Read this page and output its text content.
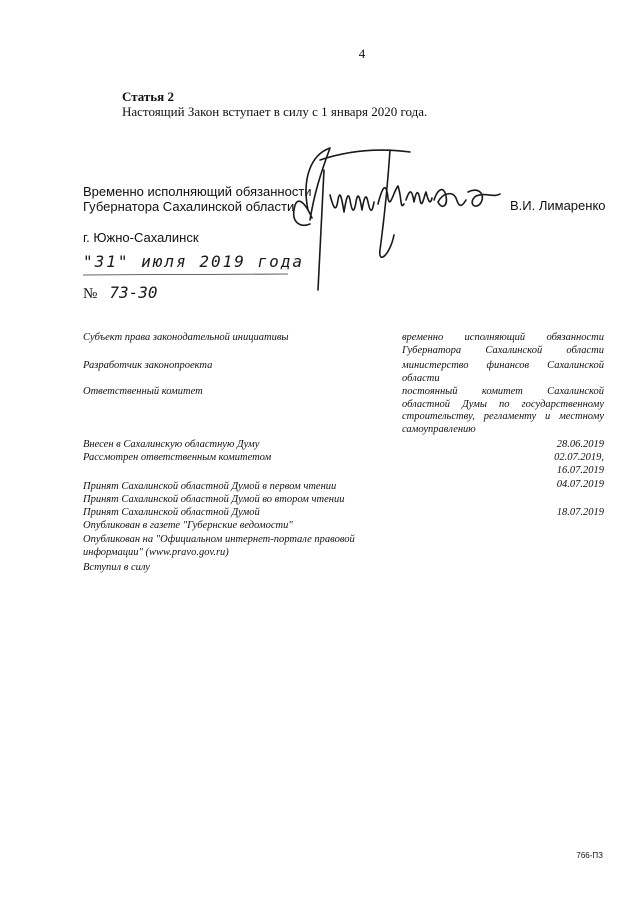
4
Статья 2
Настоящий Закон вступает в силу с 1 января 2020 года.
Временно исполняющий обязанности
Губернатора Сахалинской области	В.И. Лимаренко
г. Южно-Сахалинск
"31" июля 2019 года
№ 73-30
Субъект права законодательной инициативы	временно исполняющий обязанности Губернатора Сахалинской области
Разработчик законопроекта	министерство финансов Сахалинской области
Ответственный комитет	постоянный комитет Сахалинской областной Думы по государственному строительству, регламенту и местному самоуправлению
Внесен в Сахалинскую областную Думу	28.06.2019
Рассмотрен ответственным комитетом	02.07.2019,
16.07.2019
Принят Сахалинской областной Думой в первом чтении	04.07.2019
Принят Сахалинской областной Думой во втором чтении
Принят Сахалинской областной Думой	18.07.2019
Опубликован в газете "Губернские ведомости"
Опубликован на "Официальном интернет-портале правовой
информации" (www.pravo.gov.ru)
Вступил в силу
766-ПЗ
